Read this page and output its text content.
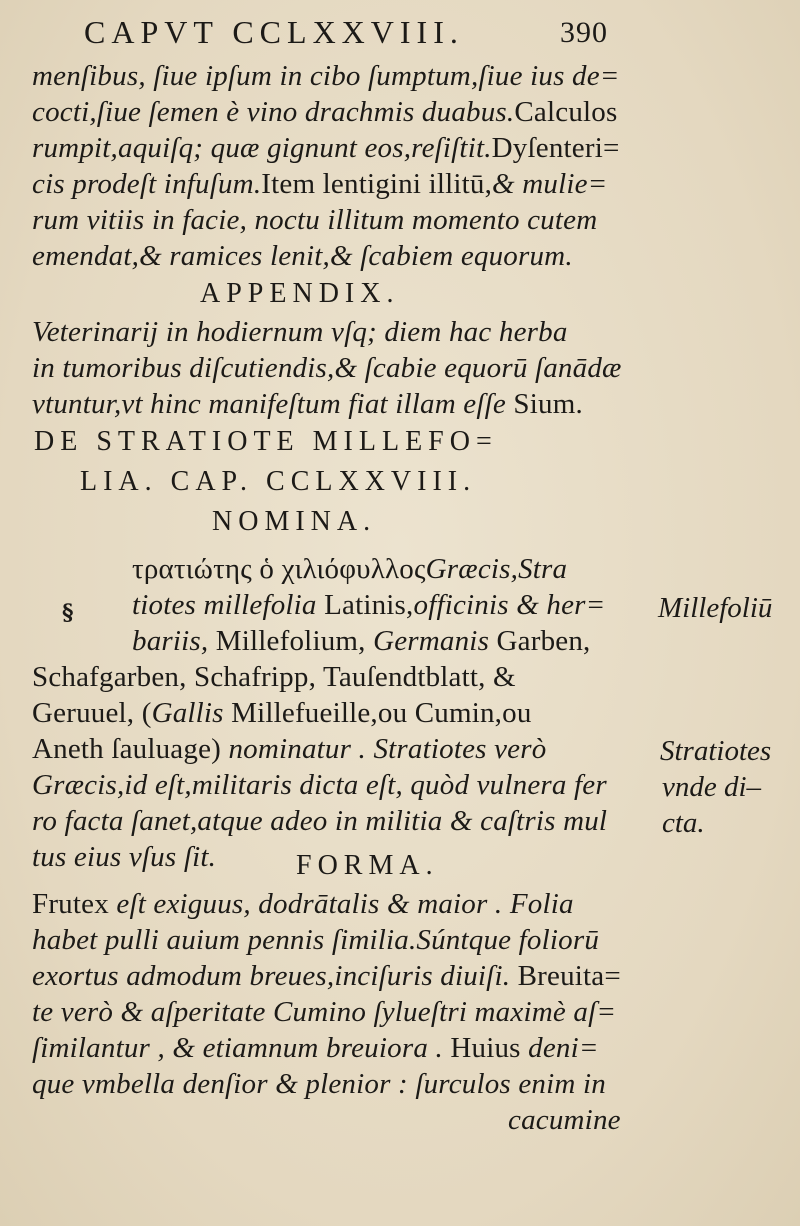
CAPVT CCLXXVIII.	390
menſibus, ſiue ipſum in cibo ſumptum,ſiue ius de=
cocti,ſiue ſemen è vino drachmis duabus.Calculos
rumpit,aquiſq; quæ gignunt eos,reſiſtit.Dyſenteri=
cis prodeſt infuſum.Item lentigini illitū,& mulie=
rum vitiis in facie, noctu illitum momento cutem
emendat,& ramices lenit,& ſcabiem equorum.
Veterinarij in hodiernum vſq; diem hac herba
in tumoribus diſcutiendis,& ſcabie equorū ſanādæ
vtuntur,vt hinc manifeſtum fiat illam eſſe Sium.
τρατιώτης ὁ χιλιόφυλλοςGræcis,Stra
tiotes millefolia Latinis,officinis & her=
bariis, Millefolium, Germanis Garben,
Schafgarben, Schafripp, Tauſendtblatt, &
Geruuel, (Gallis Millefueille,ou Cumin,ou
Aneth ſauluage) nominatur . Stratiotes verò
Græcis,id eſt,militaris dicta eſt, quòd vulnera fer
ro facta ſanet,atque adeo in militia & caſtris mul
tus eius vſus ſit.
Frutex eſt exiguus, dodrātalis & maior . Folia
habet pulli auium pennis ſimilia.Súntque foliorū
exortus admodum breues,inciſuris diuiſi. Breuita=
te verò & aſperitate Cumino ſylueſtri maximè aſ=
ſimilantur , & etiamnum breuiora . Huius deni=
que vmbella denſior & plenior : ſurculos enim in
cacumine
APPENDIX.
DE STRATIOTE MILLEFO=
LIA. CAP. CCLXXVIII.
NOMINA.
FORMA.
Millefoliū
Stratiotes
vnde di–
cta.
§
